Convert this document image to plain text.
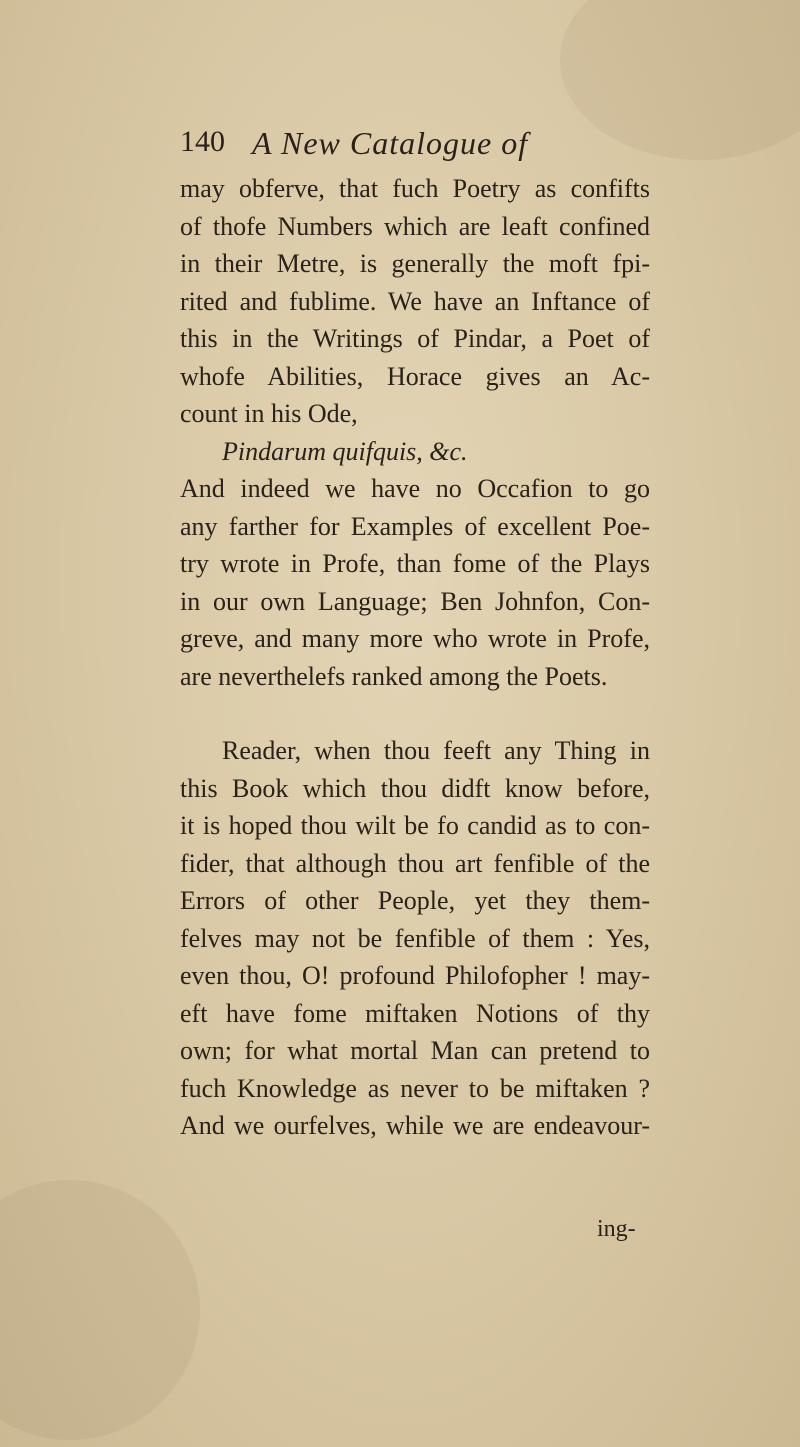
140 A New Catalogue of
may obferve, that fuch Poetry as confifts
of thofe Numbers which are leaft confined
in their Metre, is generally the moft fpi-
rited and fublime. We have an Inftance of
this in the Writings of Pindar, a Poet of
whofe Abilities, Horace gives an Ac-
count in his Ode,
Pindarum quifquis, &c.
And indeed we have no Occafion to go
any farther for Examples of excellent Poe-
try wrote in Profe, than fome of the Plays
in our own Language; Ben Johnfon, Con-
greve, and many more who wrote in Profe,
are neverthelefs ranked among the Poets.
Reader, when thou feeft any Thing in
this Book which thou didft know before,
it is hoped thou wilt be fo candid as to con-
fider, that although thou art fenfible of the
Errors of other People, yet they them-
felves may not be fenfible of them : Yes,
even thou, O! profound Philofopher ! may-
eft have fome miftaken Notions of thy
own; for what mortal Man can pretend to
fuch Knowledge as never to be miftaken ?
And we ourfelves, while we are endeavour-
ing-
